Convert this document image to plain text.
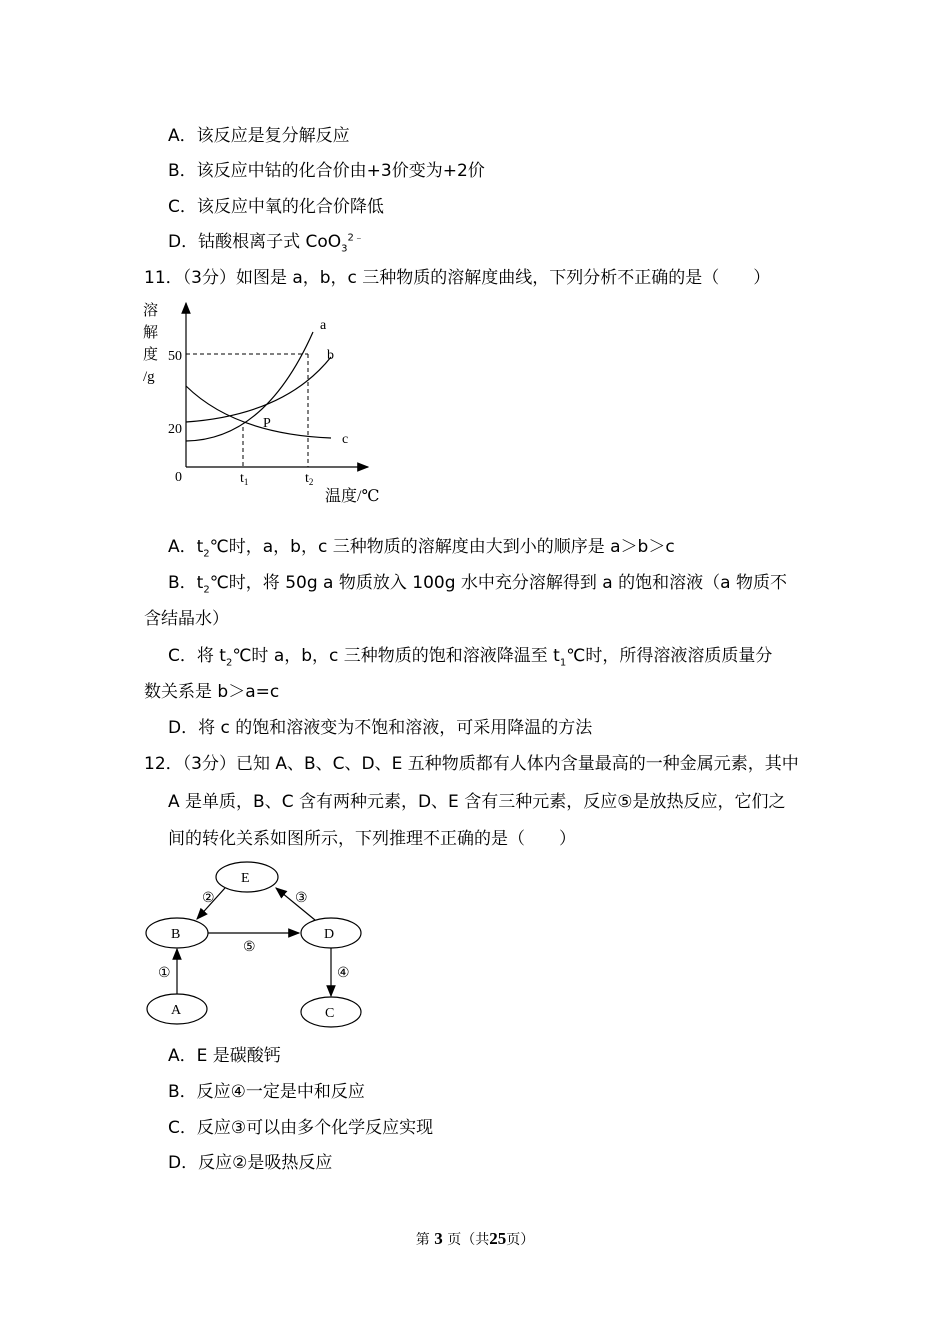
A．该反应是复分解反应
B．该反应中钴的化合价由+3价变为+2价
C．该反应中氧的化合价降低
D．钴酸根离子式 CoO$_3^{2﹣}$
11．（3分）如图是 a，b，c 三种物质的溶解度曲线，下列分析不正确的是（　　）
溶
解
度
/g
0
50
20
$t_1$	$t_2$
温度/℃
a
b
c
P
A．$t_2℃$时，a，b，c 三种物质的溶解度由大到小的顺序是 a＞b＞c
B．$t_2℃$时，将 50g a 物质放入 100g 水中充分溶解得到 a 的饱和溶液（a 物质不
含结晶水）
C．将 $t_2℃$时 a，b，c 三种物质的饱和溶液降温至 $t_1℃$时，所得溶液溶质质量分
数关系是 b＞a=c
D．将 c 的饱和溶液变为不饱和溶液，可采用降温的方法
12．（3分）已知 A、B、C、D、E 五种物质都有人体内含量最高的一种金属元素，其中
A 是单质，B、C 含有两种元素，D、E 含有三种元素，反应⑤是放热反应，它们之
间的转化关系如图所示，下列推理不正确的是（　　）
E
B	D
A	C
②	③
⑤
①	④
A．E 是碳酸钙
B．反应④一定是中和反应
C．反应③可以由多个化学反应实现
D．反应②是吸热反应
第 3 页（共25页）
